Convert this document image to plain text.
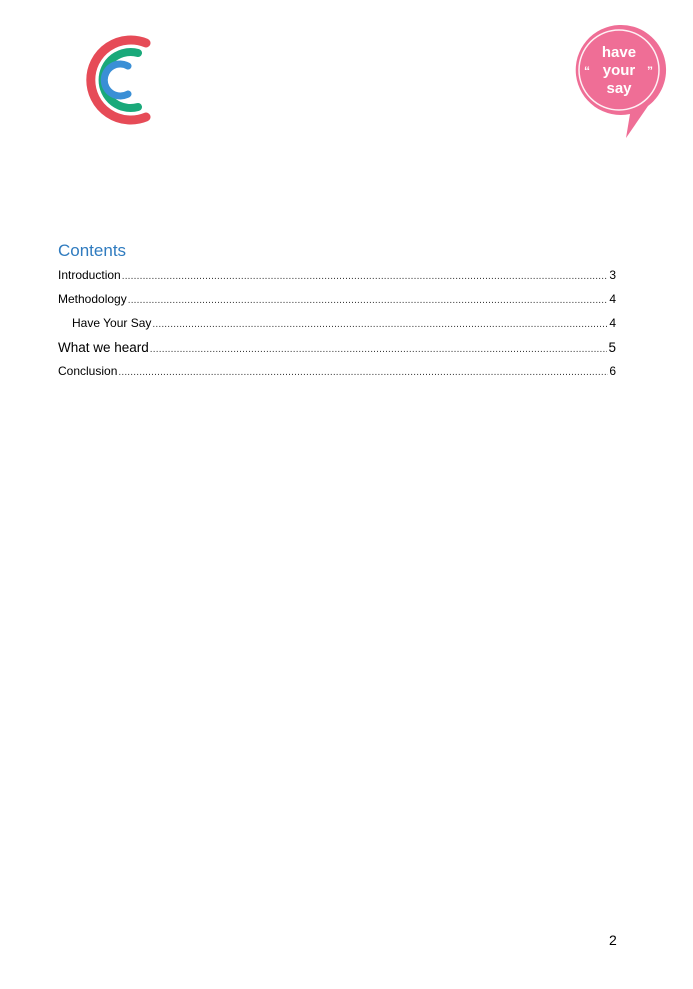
“	”
have
your
say
Contents
Introduction .....	3
Methodology .....	4
Have Your Say .....	4
What we heard .....	5
Conclusion .....	6
2
